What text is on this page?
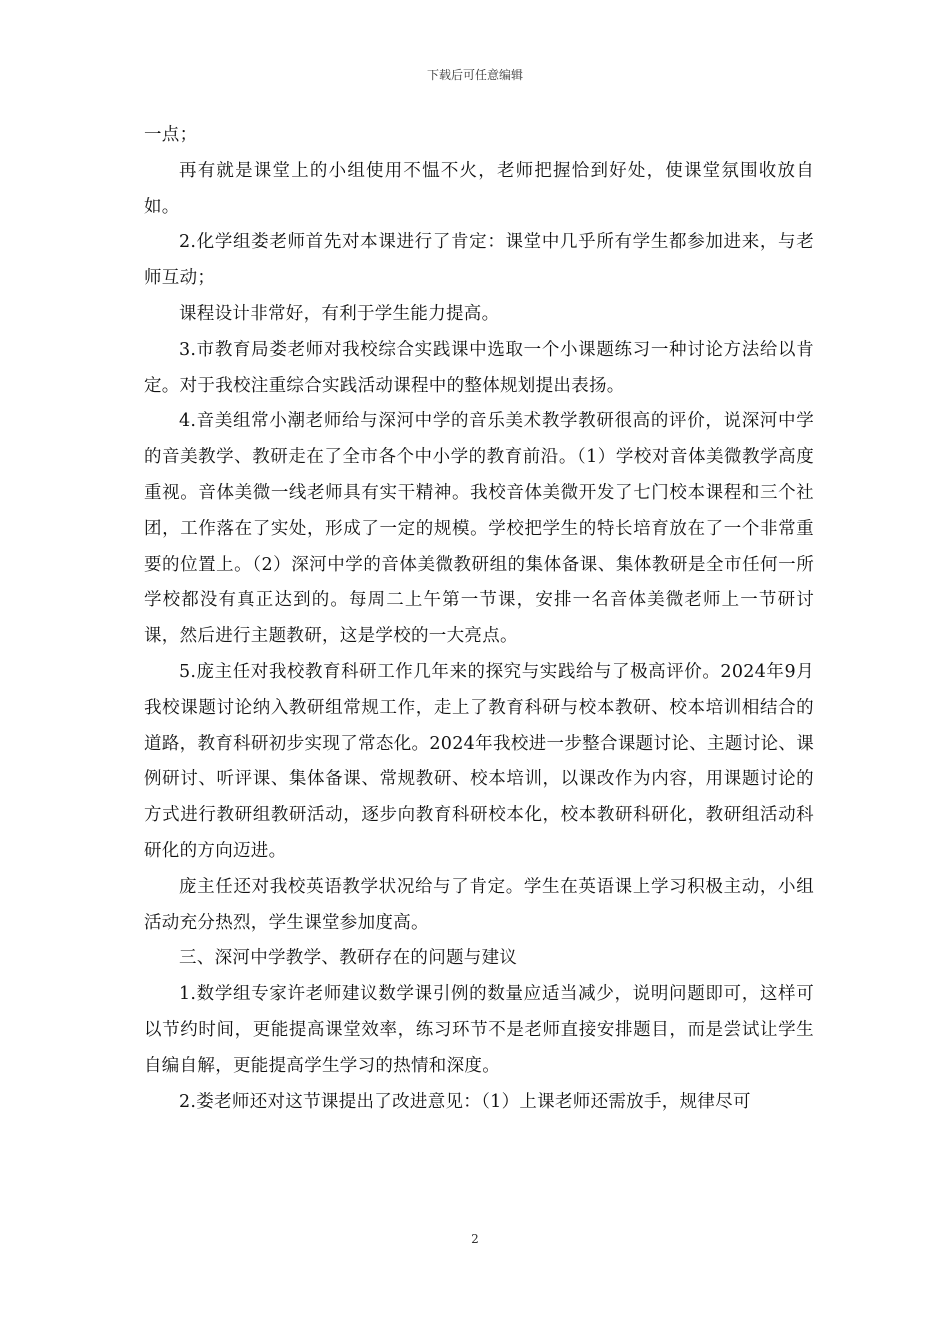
下载后可任意编辑

一点；

再有就是课堂上的小组使用不愠不火，老师把握恰到好处，使课堂氛围收放自如。

2.化学组娄老师首先对本课进行了肯定：课堂中几乎所有学生都参加进来，与老师互动；

课程设计非常好，有利于学生能力提高。

3.市教育局娄老师对我校综合实践课中选取一个小课题练习一种讨论方法给以肯定。对于我校注重综合实践活动课程中的整体规划提出表扬。

4.音美组常小潮老师给与深河中学的音乐美术教学教研很高的评价，说深河中学的音美教学、教研走在了全市各个中小学的教育前沿。（1）学校对音体美微教学高度重视。音体美微一线老师具有实干精神。我校音体美微开发了七门校本课程和三个社团，工作落在了实处，形成了一定的规模。学校把学生的特长培育放在了一个非常重要的位置上。（2）深河中学的音体美微教研组的集体备课、集体教研是全市任何一所学校都没有真正达到的。每周二上午第一节课，安排一名音体美微老师上一节研讨课，然后进行主题教研，这是学校的一大亮点。

5.庞主任对我校教育科研工作几年来的探究与实践给与了极高评价。2024年9月我校课题讨论纳入教研组常规工作，走上了教育科研与校本教研、校本培训相结合的道路，教育科研初步实现了常态化。2024年我校进一步整合课题讨论、主题讨论、课例研讨、听评课、集体备课、常规教研、校本培训，以课改作为内容，用课题讨论的方式进行教研组教研活动，逐步向教育科研校本化，校本教研科研化，教研组活动科研化的方向迈进。

庞主任还对我校英语教学状况给与了肯定。学生在英语课上学习积极主动，小组活动充分热烈，学生课堂参加度高。

三、深河中学教学、教研存在的问题与建议

1.数学组专家许老师建议数学课引例的数量应适当减少，说明问题即可，这样可以节约时间，更能提高课堂效率，练习环节不是老师直接安排题目，而是尝试让学生自编自解，更能提高学生学习的热情和深度。

2.娄老师还对这节课提出了改进意见：（1）上课老师还需放手，规律尽可

2
